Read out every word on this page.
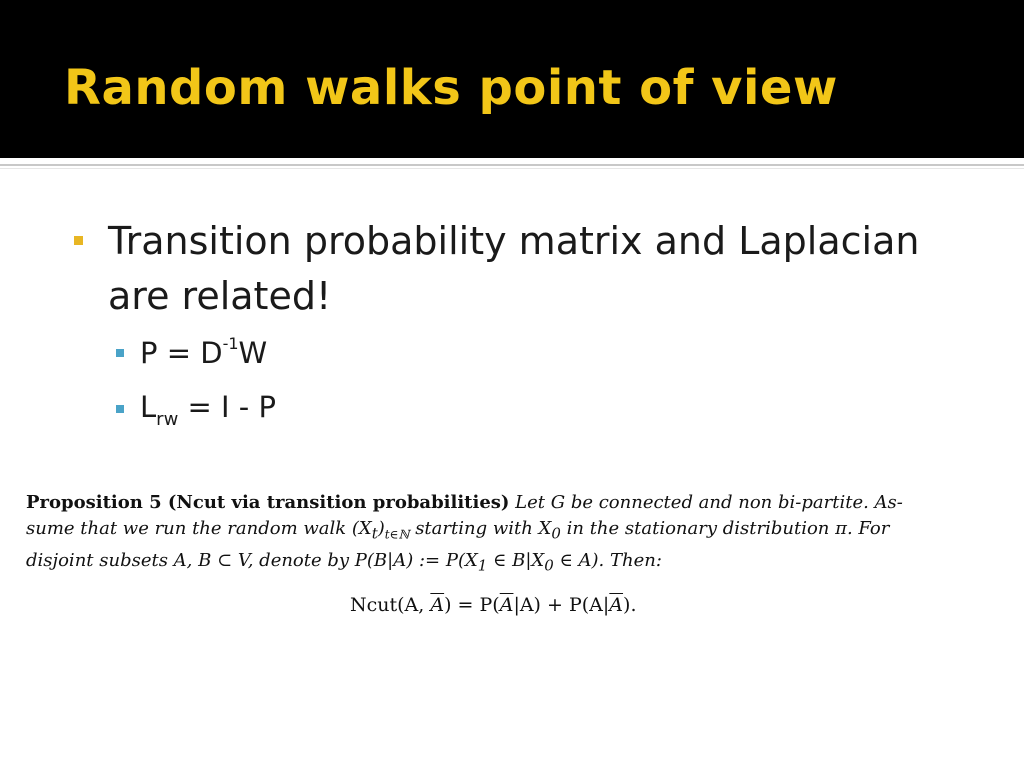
Random walks point of view
Transition probability matrix and Laplacian are related!
$P = D^{-1}W$
$L_{rw} = I - P$
Proposition 5 (Ncut via transition probabilities) Let G be connected and non bi-partite. As-
sume that we run the random walk $(X_t)_{t\in ℕ}$ starting with $X_0$ in the stationary distribution π. For
disjoint subsets A, B ⊂ V, denote by P(B|A) := $P(X_1$ ∈ $B|X_0$ ∈ A). Then:
Ncut(A, $\overline{A}) = P(\overline{A}|A) + P(A|\overline{A})$.
